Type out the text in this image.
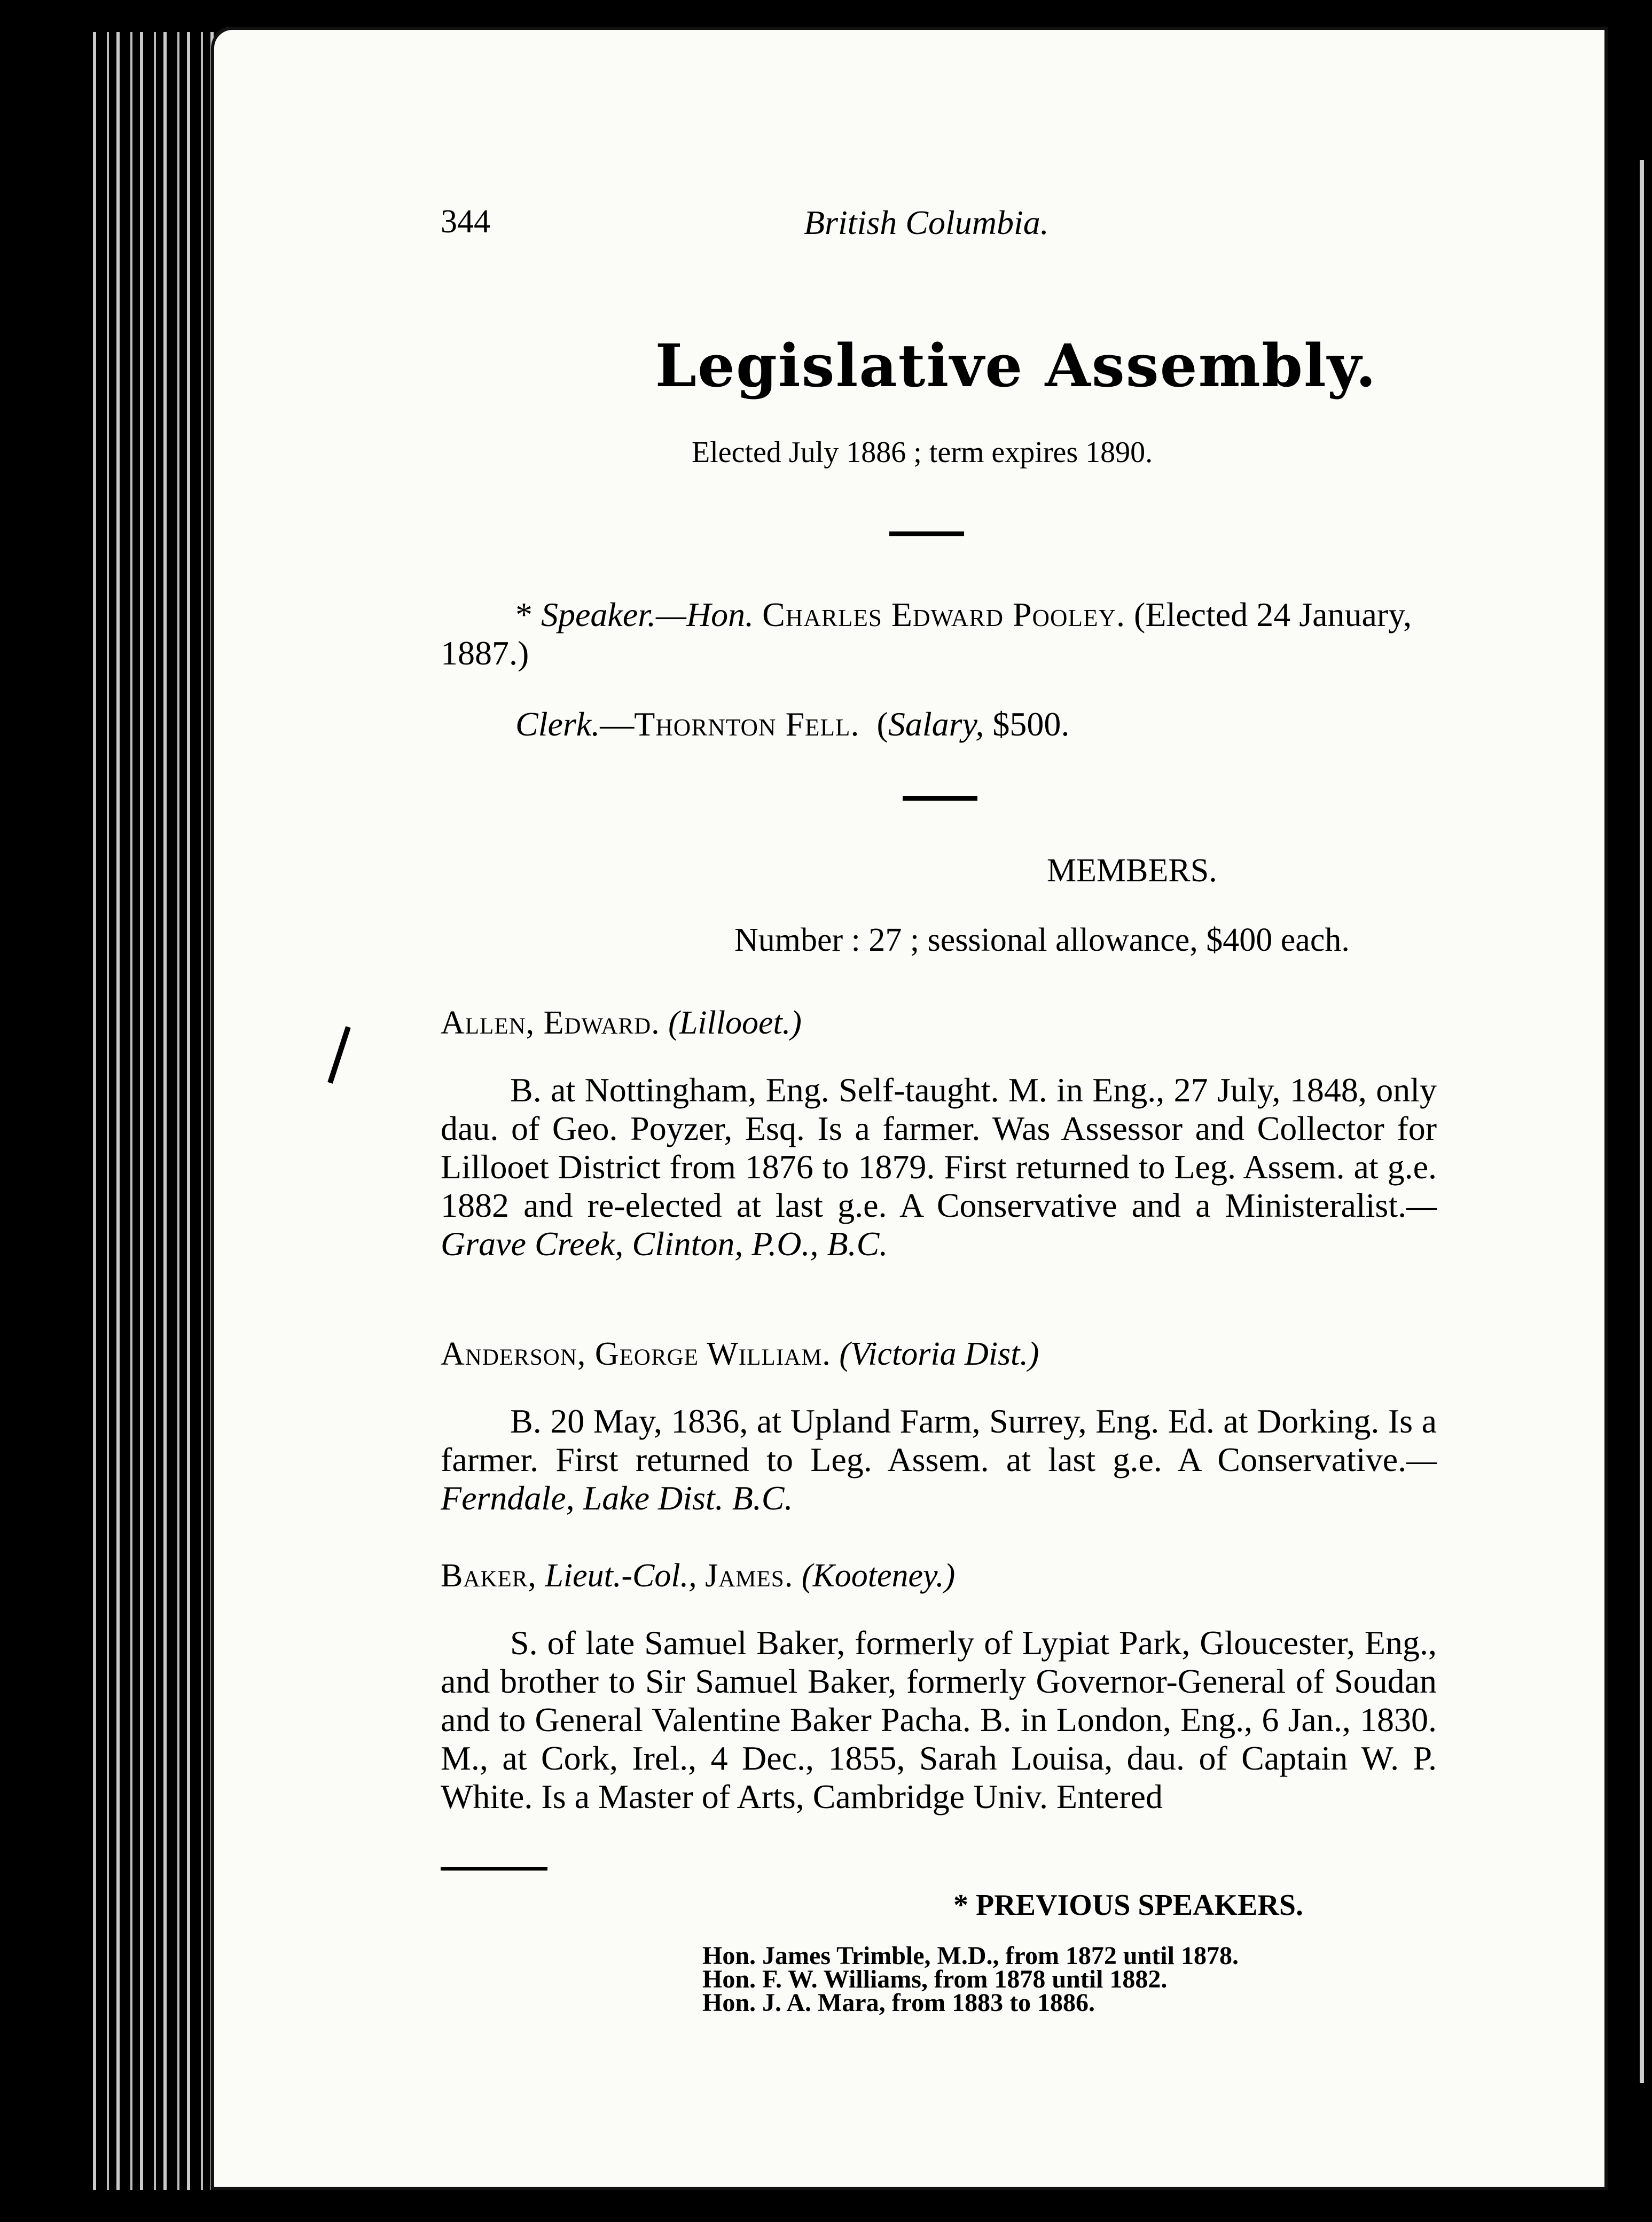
344	British Columbia.
Legislative Assembly.
Elected July 1886 ; term expires 1890.
* Speaker.—Hon. Charles Edward Pooley. (Elected 24 January, 1887.)
Clerk.—Thornton Fell.  (Salary, $500.
MEMBERS.
Number : 27 ; sessional allowance, $400 each.
Allen, Edward. (Lillooet.)
B. at Nottingham, Eng. Self-taught. M. in Eng., 27 July, 1848, only dau. of Geo. Poyzer, Esq. Is a farmer. Was Assessor and Collector for Lillooet District from 1876 to 1879. First returned to Leg. Assem. at g.e. 1882 and re-elected at last g.e. A Conservative and a Ministeralist.—Grave Creek, Clinton, P.O., B.C.
Anderson, George William. (Victoria Dist.)
B. 20 May, 1836, at Upland Farm, Surrey, Eng. Ed. at Dorking. Is a farmer. First returned to Leg. Assem. at last g.e. A Conservative.—Ferndale, Lake Dist. B.C.
Baker, Lieut.-Col., James. (Kooteney.)
S. of late Samuel Baker, formerly of Lypiat Park, Gloucester, Eng., and brother to Sir Samuel Baker, formerly Governor-General of Soudan and to General Valentine Baker Pacha. B. in London, Eng., 6 Jan., 1830. M., at Cork, Irel., 4 Dec., 1855, Sarah Louisa, dau. of Captain W. P. White. Is a Master of Arts, Cambridge Univ. Entered
* PREVIOUS SPEAKERS.
Hon. James Trimble, M.D., from 1872 until 1878.
Hon. F. W. Williams, from 1878 until 1882.
Hon. J. A. Mara, from 1883 to 1886.
